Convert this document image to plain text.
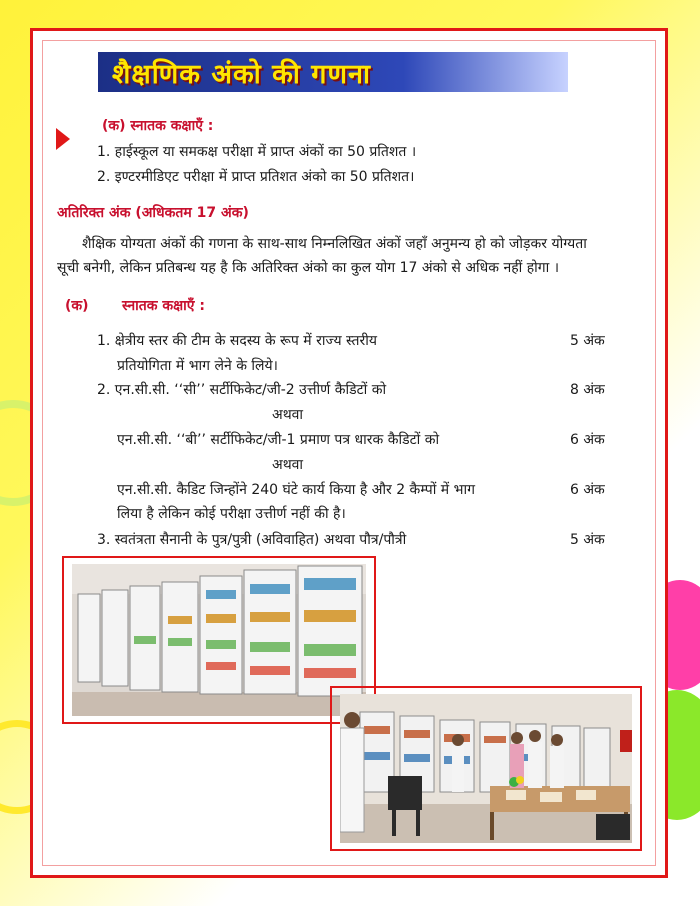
शैक्षणिक अंको की गणना
(क) स्नातक कक्षाएँ :
1. हाईस्कूल या समकक्ष परीक्षा में प्राप्त अंकों का 50 प्रतिशत ।
2. इण्टरमीडिएट परीक्षा में प्राप्त प्रतिशत अंको का 50 प्रतिशत।
अतिरिक्त अंक (अधिकतम 17 अंक)
शैक्षिक योग्यता अंकों की गणना के साथ-साथ निम्नलिखित अंकों जहाँ अनुमन्य हो को जोड़कर योग्यता
सूची बनेगी, लेकिन प्रतिबन्ध यह है कि अतिरिक्त अंको का कुल योग 17 अंको से अधिक नहीं होगा ।
(क) स्नातक कक्षाएँ :
1. क्षेत्रीय स्तर की टीम के सदस्य के रूप में राज्य स्तरीय
प्रतियोगिता में भाग लेने के लिये।
5 अंक
2. एन.सी.सी. ‘‘सी’’ सर्टीफिकेट/जी-2 उत्तीर्ण कैडिटों को	8 अंक
अथवा
एन.सी.सी. ‘‘बी’’ सर्टीफिकेट/जी-1 प्रमाण पत्र धारक कैडिटों को	6 अंक
अथवा
एन.सी.सी. कैडिट जिन्होंने 240 घंटे कार्य किया है और 2 कैम्पों में भाग
लिया है लेकिन कोई परीक्षा उत्तीर्ण नहीं की है।
6 अंक
3. स्वतंत्रता सैनानी के पुत्र/पुत्री (अविवाहित) अथवा पौत्र/पौत्री	5 अंक
